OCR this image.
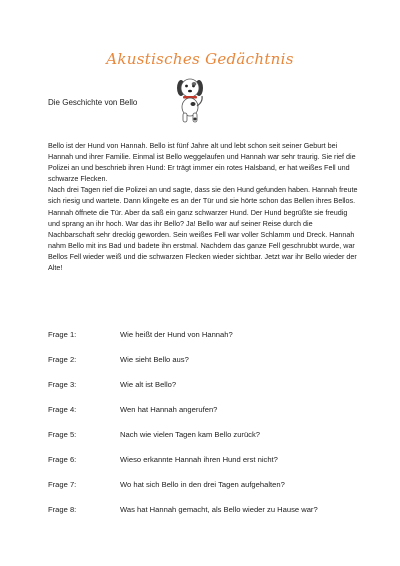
Akustisches Gedächtnis
Die Geschichte von Bello

Bello ist der Hund von Hannah. Bello ist fünf Jahre alt und lebt schon seit seiner Geburt bei Hannah und ihrer Familie. Einmal ist Bello weggelaufen und Hannah war sehr traurig. Sie rief die Polizei an und beschrieb ihren Hund: Er trägt immer ein rotes Halsband, er hat weißes Fell und schwarze Flecken.

Nach drei Tagen rief die Polizei an und sagte, dass sie den Hund gefunden haben. Hannah freute sich riesig und wartete. Dann klingelte es an der Tür und sie hörte schon das Bellen ihres Bellos. Hannah öffnete die Tür. Aber da saß ein ganz schwarzer Hund. Der Hund begrüßte sie freudig und sprang an ihr hoch. War das ihr Bello? Ja! Bello war auf seiner Reise durch die Nachbarschaft sehr dreckig geworden. Sein weißes Fell war voller Schlamm und Dreck. Hannah nahm Bello mit ins Bad und badete ihn erstmal. Nachdem das ganze Fell geschrubbt wurde, war Bellos Fell wieder weiß und die schwarzen Flecken wieder sichtbar. Jetzt war ihr Bello wieder der Alte!

Frage 1:	Wie heißt der Hund von Hannah?
Frage 2:	Wie sieht Bello aus?
Frage 3:	Wie alt ist Bello?
Frage 4:	Wen hat Hannah angerufen?
Frage 5:	Nach wie vielen Tagen kam Bello zurück?
Frage 6:	Wieso erkannte Hannah ihren Hund erst nicht?
Frage 7:	Wo hat sich Bello in den drei Tagen aufgehalten?
Frage 8:	Was hat Hannah gemacht, als Bello wieder zu Hause war?
